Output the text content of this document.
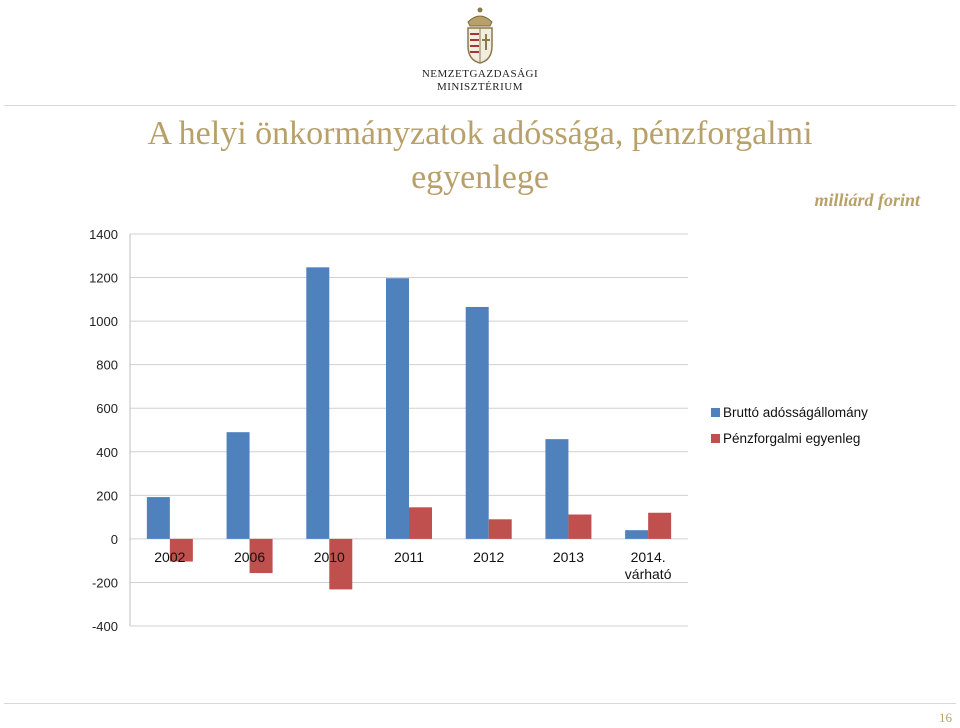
NEMZETGAZDASÁGI
MINISZTÉRIUM
A helyi önkormányzatok adóssága, pénzforgalmi egyenlege
milliárd forint
1400
1200
1000
800
600
400
200
0
-200
-400
2002	2006	2010	2011	2012	2013	2014. várható
Bruttó adósságállomány
Pénzforgalmi egyenleg
16
